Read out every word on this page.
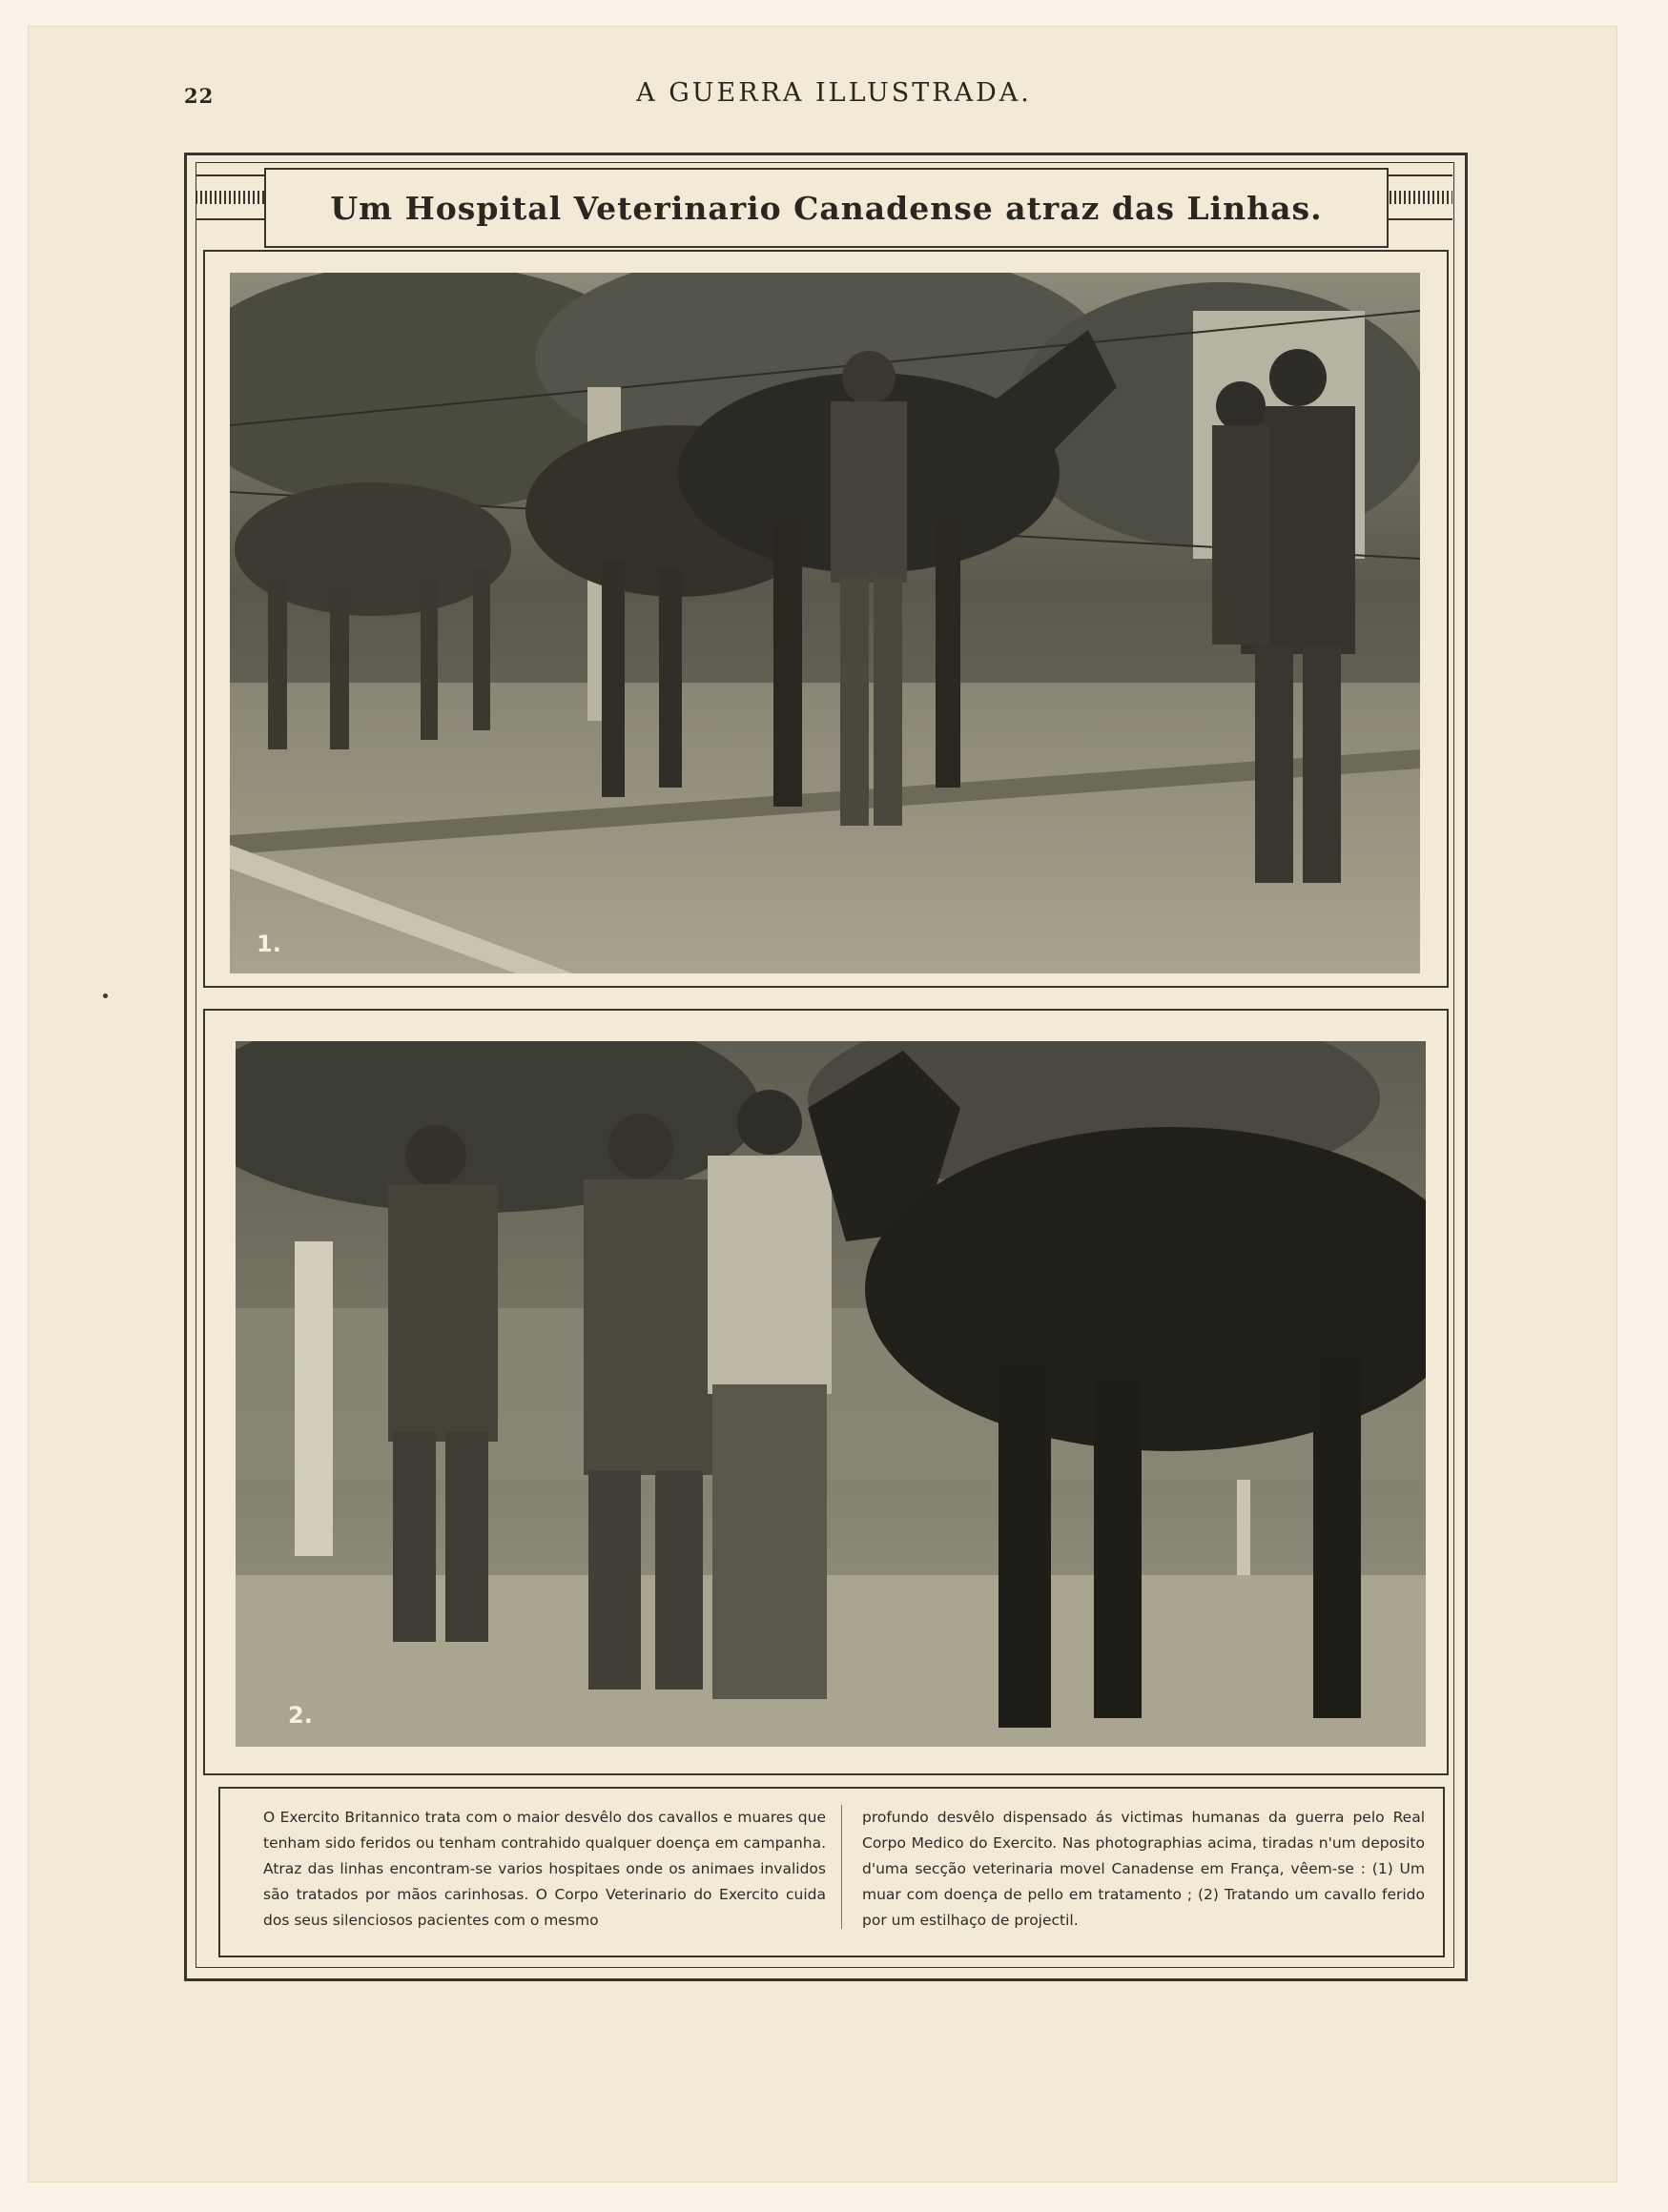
22	A GUERRA ILLUSTRADA.
Um Hospital Veterinario Canadense atraz das Linhas.
1.
2.

O Exercito Britannico trata com o maior desvêlo dos cavallos e muares que tenham sido feridos ou tenham contrahido qualquer doença em campanha. Atraz das linhas encontram-se varios hospitaes onde os animaes invalidos são tratados por mãos carinhosas. O Corpo Veterinario do Exercito cuida dos seus silenciosos pacientes com o mesmo

profundo desvêlo dispensado ás victimas humanas da guerra pelo Real Corpo Medico do Exercito. Nas photographias acima, tiradas n'um deposito d'uma secção veterinaria movel Canadense em França, vêem-se : (1) Um muar com doença de pello em tratamento ; (2) Tratando um cavallo ferido por um estilhaço de projectil.
